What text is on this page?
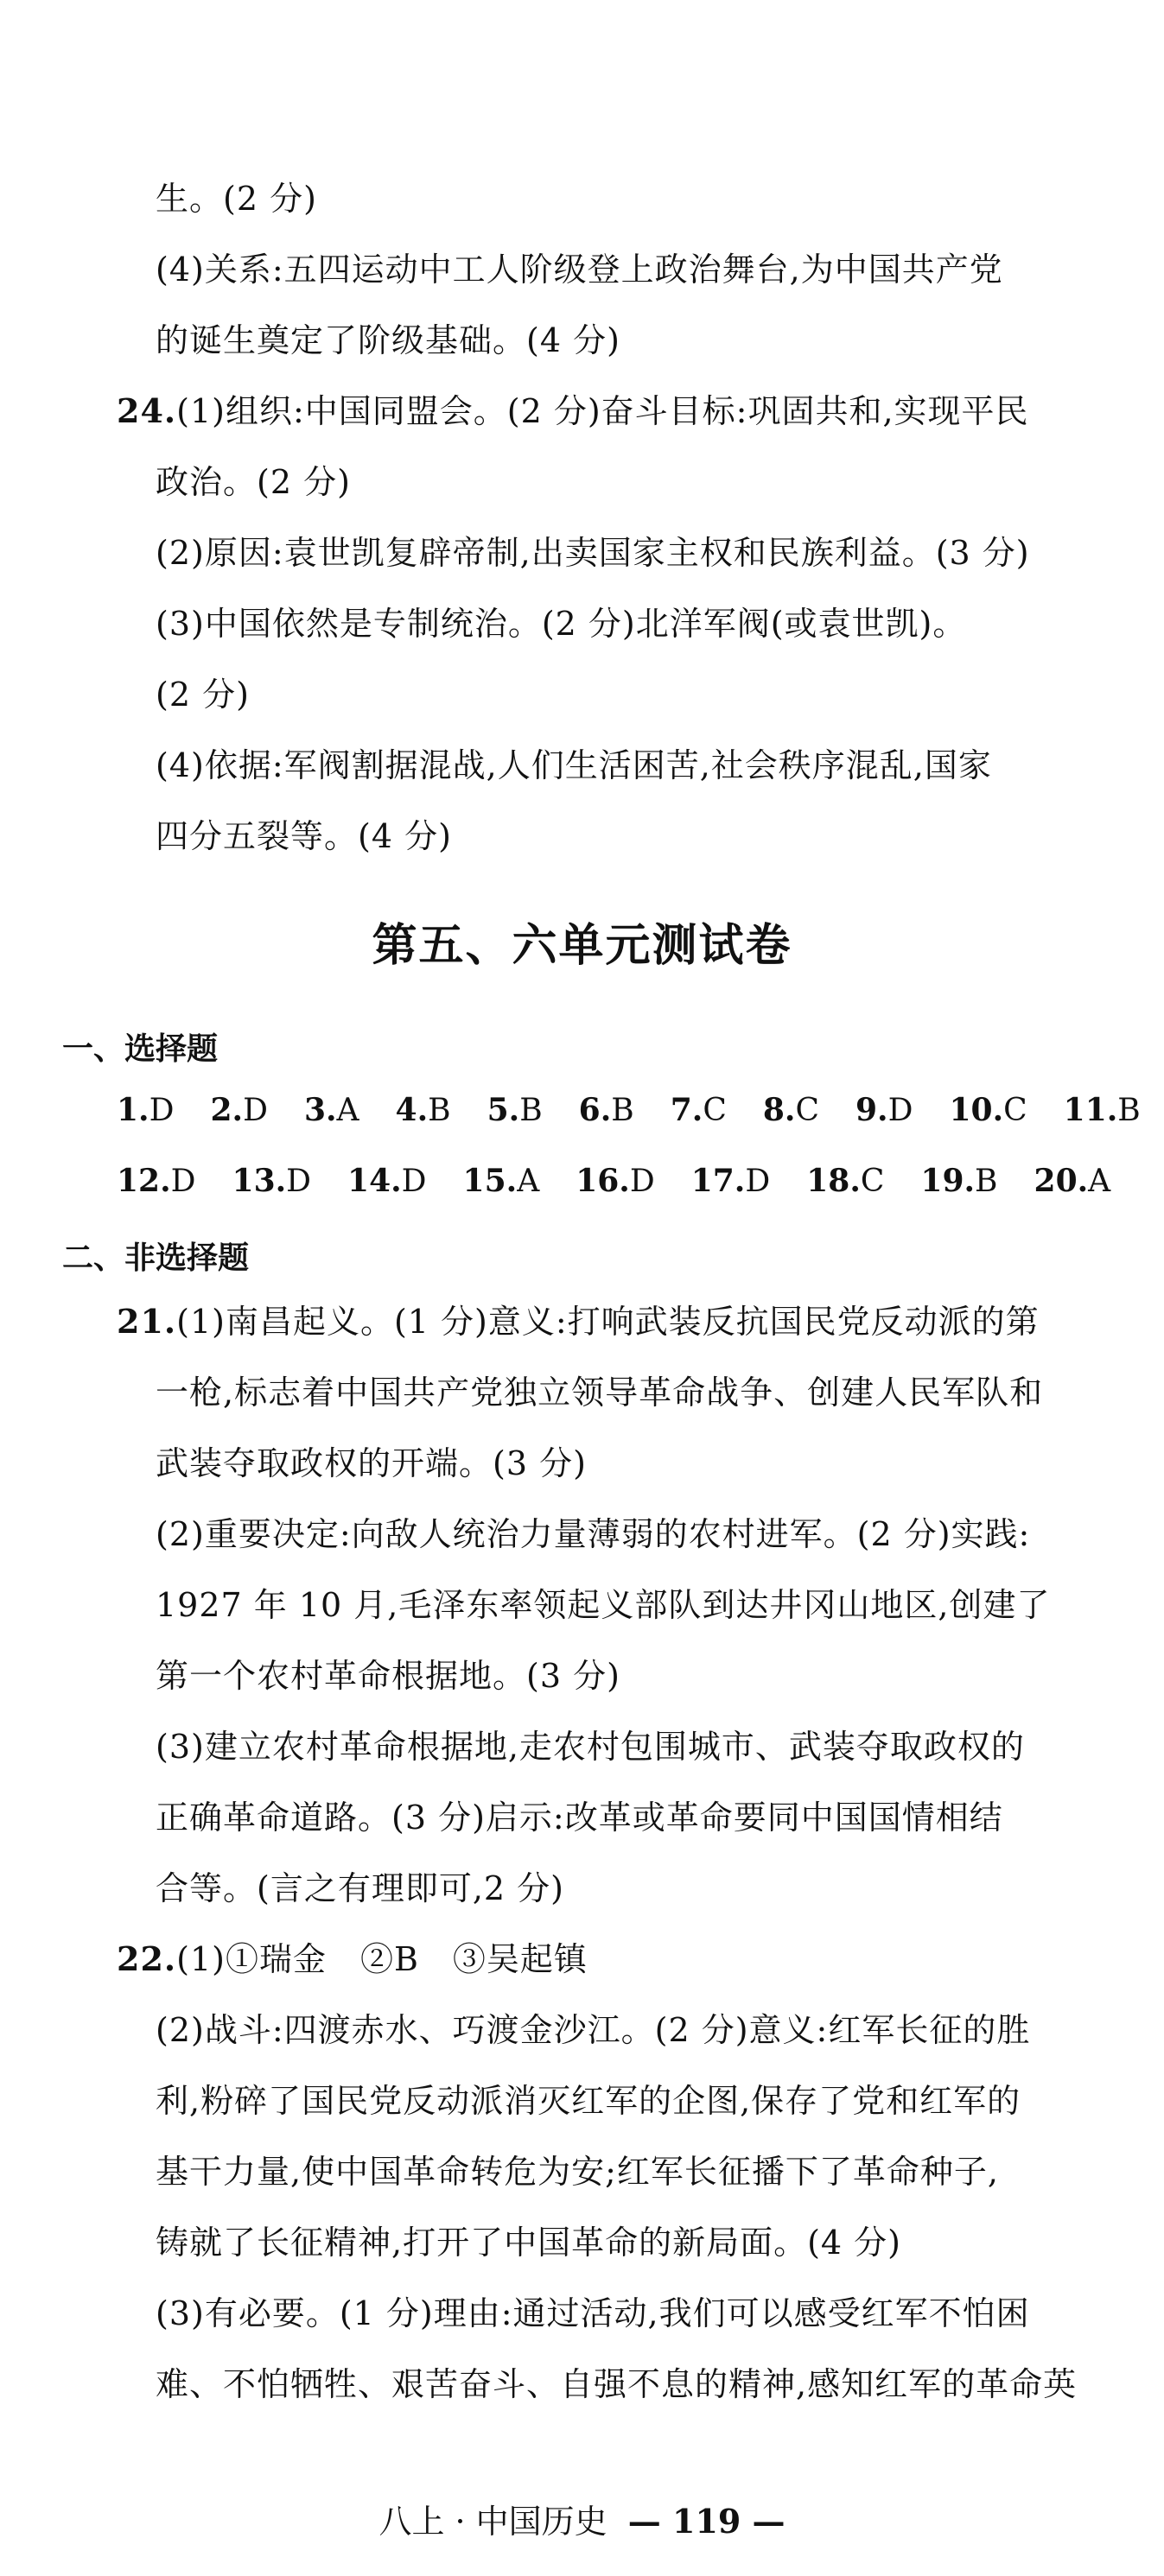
生。(2 分)
(4)关系:五四运动中工人阶级登上政治舞台,为中国共产党
的诞生奠定了阶级基础。(4 分)
24.(1)组织:中国同盟会。(2 分)奋斗目标:巩固共和,实现平民
政治。(2 分)
(2)原因:袁世凯复辟帝制,出卖国家主权和民族利益。(3 分)
(3)中国依然是专制统治。(2 分)北洋军阀(或袁世凯)。
(2 分)
(4)依据:军阀割据混战,人们生活困苦,社会秩序混乱,国家
四分五裂等。(4 分)
第五、六单元测试卷
一、选择题
1.D 2.D 3.A 4.B 5.B 6.B 7.C 8.C 9.D 10.C 11.B
12.D 13.D 14.D 15.A 16.D 17.D 18.C 19.B 20.A
二、非选择题
21.(1)南昌起义。(1 分)意义:打响武装反抗国民党反动派的第
一枪,标志着中国共产党独立领导革命战争、创建人民军队和
武装夺取政权的开端。(3 分)
(2)重要决定:向敌人统治力量薄弱的农村进军。(2 分)实践:
1927 年 10 月,毛泽东率领起义部队到达井冈山地区,创建了
第一个农村革命根据地。(3 分)
(3)建立农村革命根据地,走农村包围城市、武装夺取政权的
正确革命道路。(3 分)启示:改革或革命要同中国国情相结
合等。(言之有理即可,2 分)
22.(1)①瑞金　②B　③吴起镇
(2)战斗:四渡赤水、巧渡金沙江。(2 分)意义:红军长征的胜
利,粉碎了国民党反动派消灭红军的企图,保存了党和红军的
基干力量,使中国革命转危为安;红军长征播下了革命种子,
铸就了长征精神,打开了中国革命的新局面。(4 分)
(3)有必要。(1 分)理由:通过活动,我们可以感受红军不怕困
难、不怕牺牲、艰苦奋斗、自强不息的精神,感知红军的革命英
八上 · 中国历史 — 119 —
